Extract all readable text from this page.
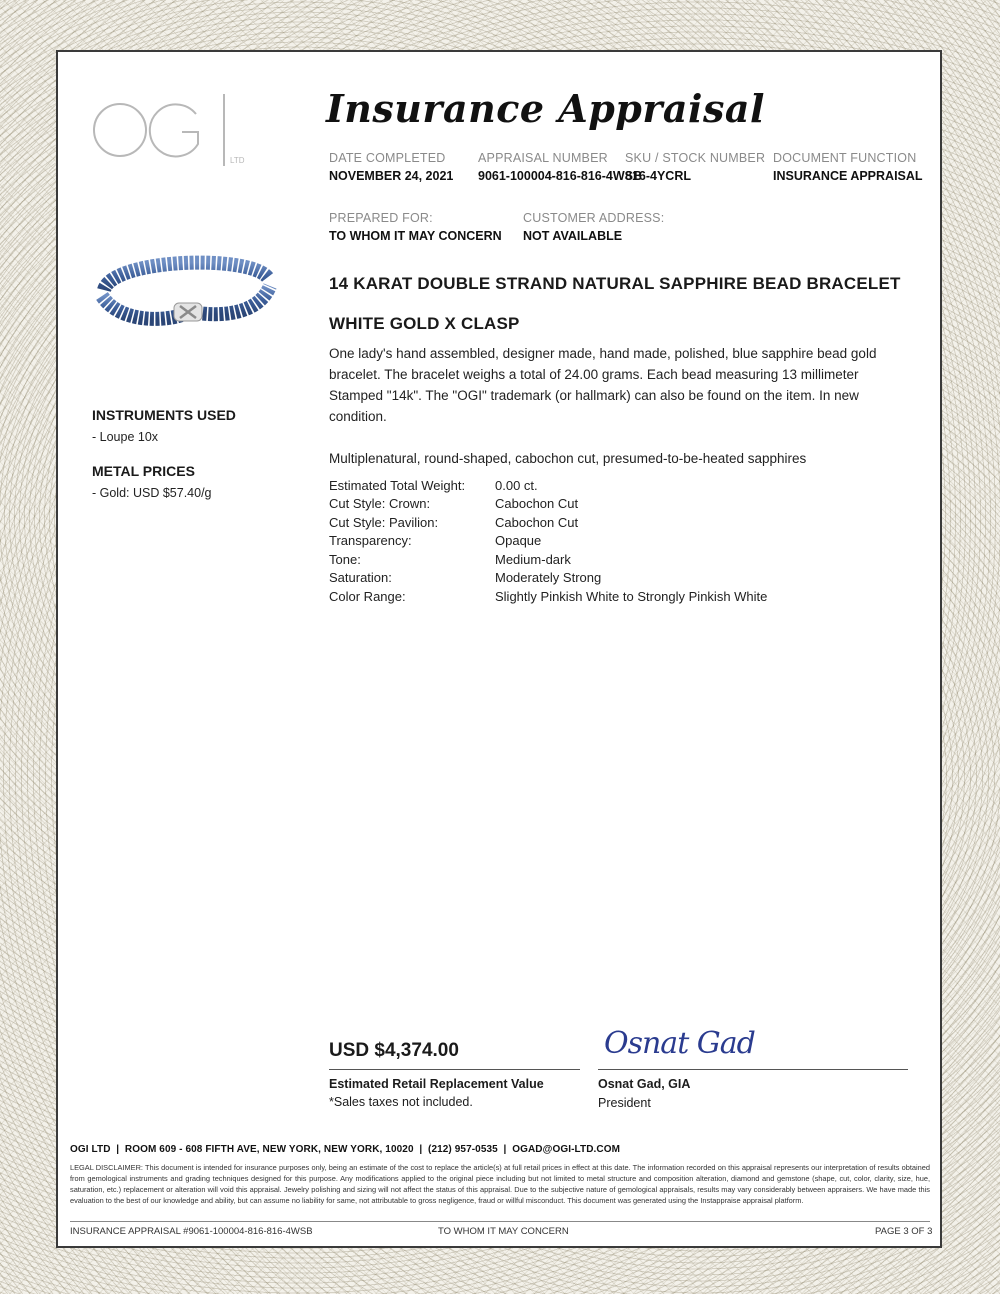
LTD
Insurance Appraisal
DATE COMPLETED
NOVEMBER 24, 2021
APPRAISAL NUMBER
9061-100004-816-816-4WSB
SKU / STOCK NUMBER
816-4YCRL
DOCUMENT FUNCTION
INSURANCE APPRAISAL
PREPARED FOR:
TO WHOM IT MAY CONCERN
CUSTOMER ADDRESS:
NOT AVAILABLE
INSTRUMENTS USED
- Loupe 10x
METAL PRICES
- Gold: USD $57.40/g
14 KARAT DOUBLE STRAND NATURAL SAPPHIRE BEAD BRACELET
WHITE GOLD X CLASP
One lady's hand assembled, designer made, hand made, polished, blue sapphire bead gold bracelet. The bracelet weighs a total of 24.00 grams. Each bead measuring 13 millimeter Stamped "14k". The "OGI" trademark (or hallmark) can also be found on the item. In new condition.
Multiplenatural, round-shaped, cabochon cut, presumed-to-be-heated sapphires
Estimated Total Weight:	0.00 ct.
Cut Style: Crown:	Cabochon Cut
Cut Style: Pavilion:	Cabochon Cut
Transparency:	Opaque
Tone:	Medium-dark
Saturation:	Moderately Strong
Color Range:	Slightly Pinkish White to Strongly Pinkish White
USD $4,374.00
Estimated Retail Replacement Value
*Sales taxes not included.
Osnat Gad
Osnat Gad, GIA
President
OGI LTD  |  ROOM 609 - 608 FIFTH AVE, NEW YORK, NEW YORK, 10020  |  (212) 957-0535  |  OGAD@OGI-LTD.COM
LEGAL DISCLAIMER: This document is intended for insurance purposes only, being an estimate of the cost to replace the article(s) at full retail prices in effect at this date. The information recorded on this appraisal represents our interpretation of results obtained from gemological instruments and grading techniques designed for this purpose. Any modifications applied to the original piece including but not limited to metal structure and composition alteration, diamond and gemstone (shape, cut, color, clarity, size, hue, saturation, etc.) replacement or alteration will void this appraisal. Jewelry polishing and sizing will not affect the status of this appraisal. Due to the subjective nature of gemological appraisals, results may vary considerably between appraisers. We have made this evaluation to the best of our knowledge and ability, but can assume no liability for same, not attributable to gross negligence, fraud or willful misconduct. This document was generated using the Instappraise appraisal platform.
INSURANCE APPRAISAL #9061-100004-816-816-4WSB	TO WHOM IT MAY CONCERN	PAGE 3 OF 3
